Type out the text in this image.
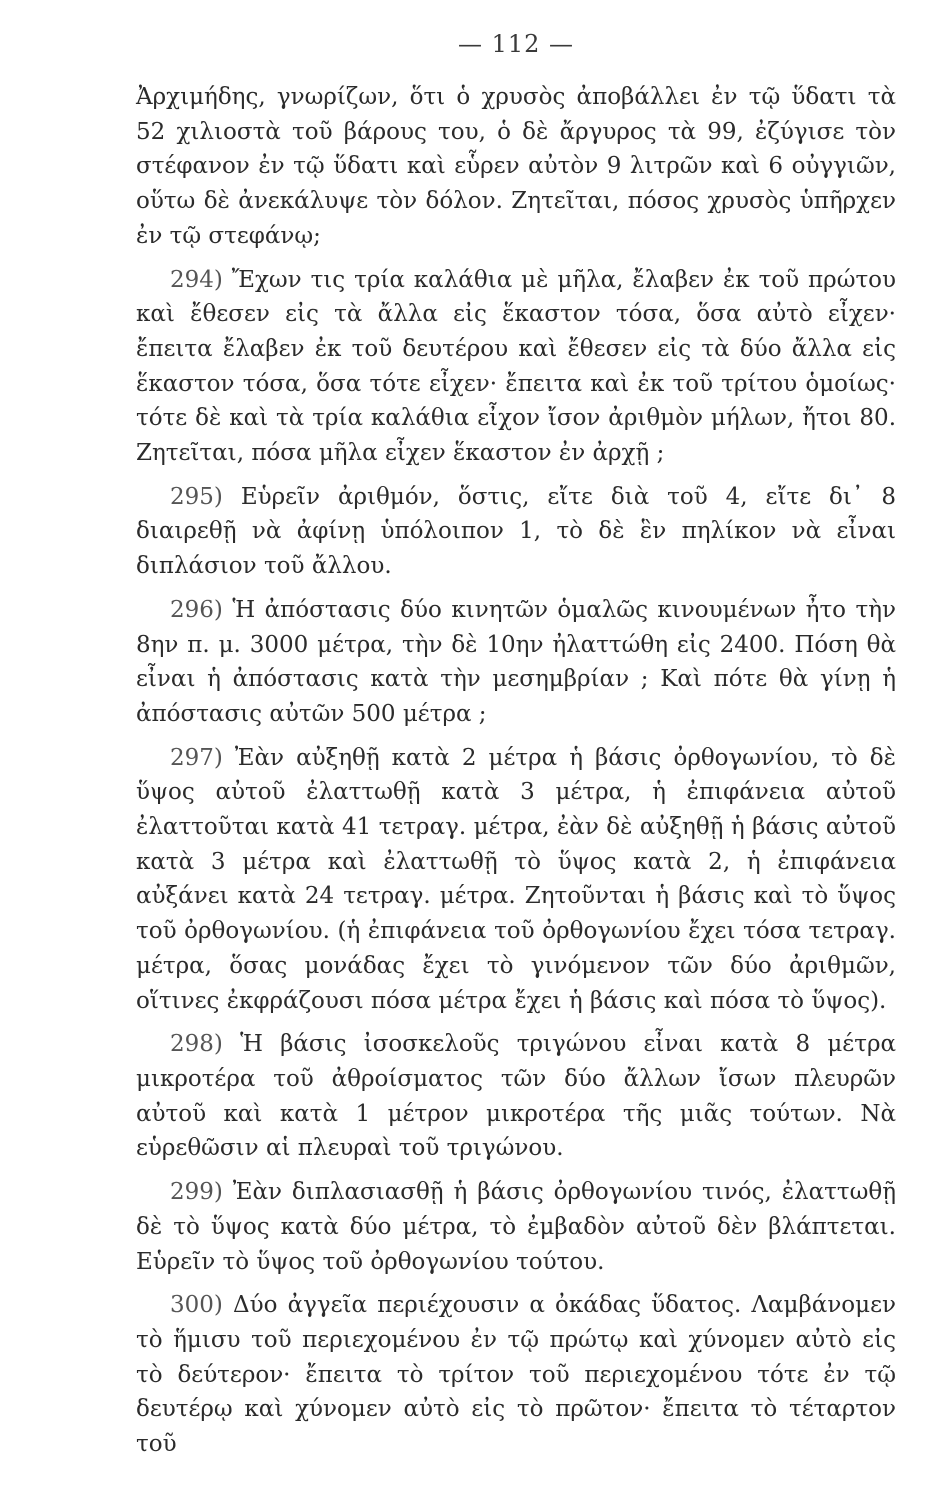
— 112 —

Ἀρχιμήδης, γνωρίζων, ὅτι ὁ χρυσὸς ἀποβάλλει ἐν τῷ ὕδατι τὰ 52 χιλιοστὰ τοῦ βάρους του, ὁ δὲ ἄργυρος τὰ 99, ἐζύγισε τὸν στέφανον ἐν τῷ ὕδατι καὶ εὗρεν αὐτὸν 9 λιτρῶν καὶ 6 οὐγγιῶν, οὕτω δὲ ἀνεκάλυψε τὸν δόλον. Ζητεῖται, πόσος χρυσὸς ὑπῆρχεν ἐν τῷ στεφάνῳ;

294) Ἔχων τις τρία καλάθια μὲ μῆλα, ἔλαβεν ἐκ τοῦ πρώτου καὶ ἔθεσεν εἰς τὰ ἄλλα εἰς ἕκαστον τόσα, ὅσα αὐτὸ εἶχεν· ἔπειτα ἔλαβεν ἐκ τοῦ δευτέρου καὶ ἔθεσεν εἰς τὰ δύο ἄλλα εἰς ἕκαστον τόσα, ὅσα τότε εἶχεν· ἔπειτα καὶ ἐκ τοῦ τρίτου ὁμοίως· τότε δὲ καὶ τὰ τρία καλάθια εἶχον ἴσον ἀριθμὸν μήλων, ἤτοι 80. Ζητεῖται, πόσα μῆλα εἶχεν ἕκαστον ἐν ἀρχῇ ;

295) Εὑρεῖν ἀριθμόν, ὅστις, εἴτε διὰ τοῦ 4, εἴτε δι᾿ 8 διαιρεθῇ νὰ ἀφίνῃ ὑπόλοιπον 1, τὸ δὲ ἓν πηλίκον νὰ εἶναι διπλάσιον τοῦ ἄλλου.

296) Ἡ ἀπόστασις δύο κινητῶν ὁμαλῶς κινουμένων ἦτο τὴν 8ην π. μ. 3000 μέτρα, τὴν δὲ 10ην ἠλαττώθη εἰς 2400. Πόση θὰ εἶναι ἡ ἀπόστασις κατὰ τὴν μεσημβρίαν ; Καὶ πότε θὰ γίνῃ ἡ ἀπόστασις αὐτῶν 500 μέτρα ;

297) Ἐὰν αὐξηθῇ κατὰ 2 μέτρα ἡ βάσις ὀρθογωνίου, τὸ δὲ ὕψος αὐτοῦ ἐλαττωθῇ κατὰ 3 μέτρα, ἡ ἐπιφάνεια αὐτοῦ ἐλαττοῦται κατὰ 41 τετραγ. μέτρα, ἐὰν δὲ αὐξηθῇ ἡ βάσις αὐτοῦ κατὰ 3 μέτρα καὶ ἐλαττωθῇ τὸ ὕψος κατὰ 2, ἡ ἐπιφάνεια αὐξάνει κατὰ 24 τετραγ. μέτρα. Ζητοῦνται ἡ βάσις καὶ τὸ ὕψος τοῦ ὀρθογωνίου. (ἡ ἐπιφάνεια τοῦ ὀρθογωνίου ἔχει τόσα τετραγ. μέτρα, ὅσας μονάδας ἔχει τὸ γινόμενον τῶν δύο ἀριθμῶν, οἵτινες ἐκφράζουσι πόσα μέτρα ἔχει ἡ βάσις καὶ πόσα τὸ ὕψος).

298) Ἡ βάσις ἰσοσκελοῦς τριγώνου εἶναι κατὰ 8 μέτρα μικροτέρα τοῦ ἀθροίσματος τῶν δύο ἄλλων ἴσων πλευρῶν αὐτοῦ καὶ κατὰ 1 μέτρον μικροτέρα τῆς μιᾶς τούτων. Νὰ εὑρεθῶσιν αἱ πλευραὶ τοῦ τριγώνου.

299) Ἐὰν διπλασιασθῇ ἡ βάσις ὀρθογωνίου τινός, ἐλαττωθῇ δὲ τὸ ὕψος κατὰ δύο μέτρα, τὸ ἐμβαδὸν αὐτοῦ δὲν βλάπτεται. Εὑρεῖν τὸ ὕψος τοῦ ὀρθογωνίου τούτου.

300) Δύο ἀγγεῖα περιέχουσιν α ὀκάδας ὕδατος. Λαμβάνομεν τὸ ἥμισυ τοῦ περιεχομένου ἐν τῷ πρώτῳ καὶ χύνομεν αὐτὸ εἰς τὸ δεύτερον· ἔπειτα τὸ τρίτον τοῦ περιεχομένου τότε ἐν τῷ δευτέρῳ καὶ χύνομεν αὐτὸ εἰς τὸ πρῶτον· ἔπειτα τὸ τέταρτον τοῦ
